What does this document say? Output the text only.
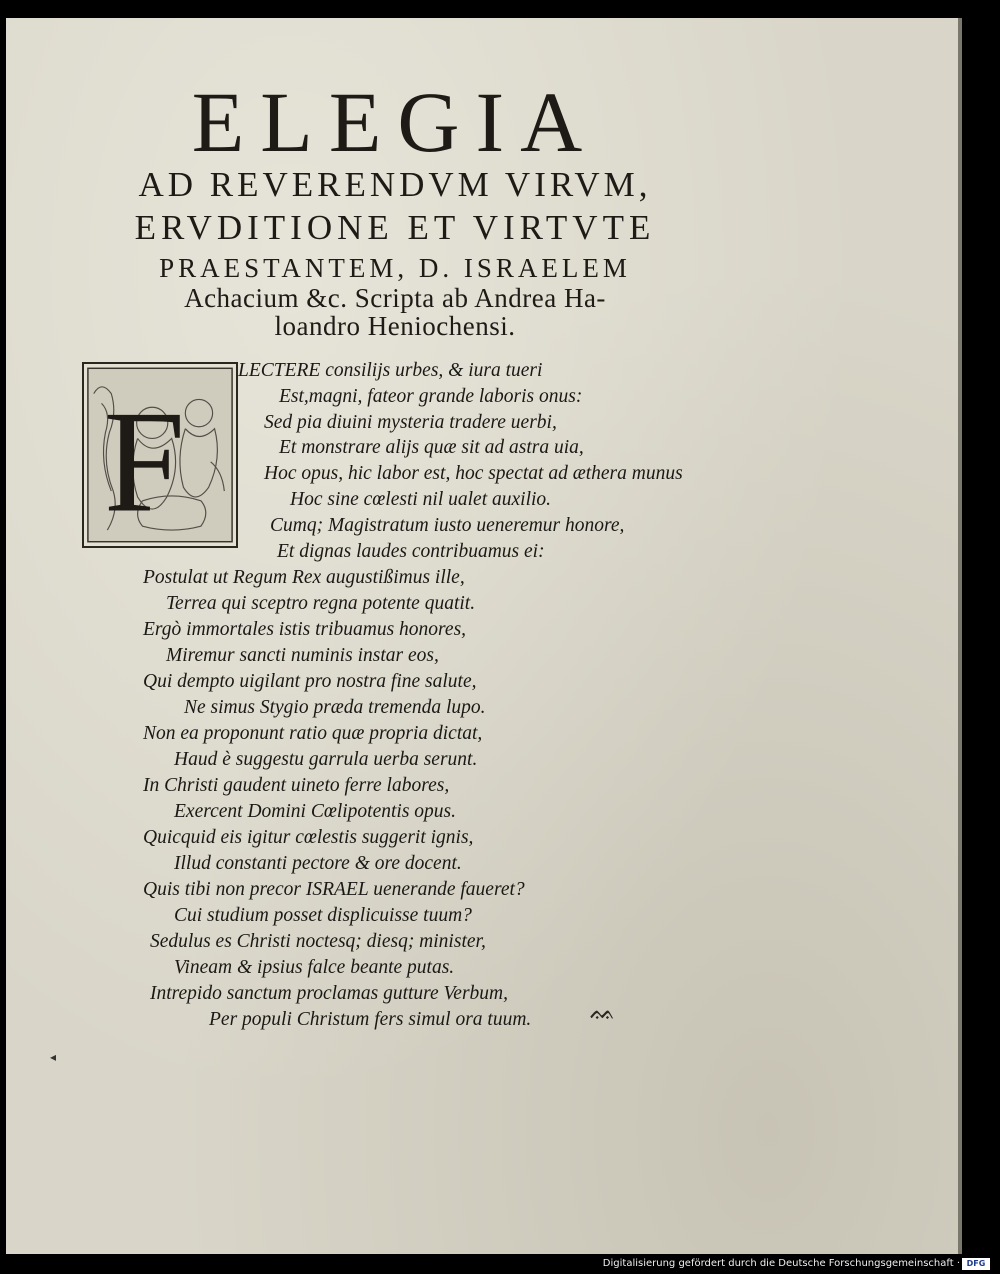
ELEGIA
AD REVERENDVM VIRVM,
ERVDITIONE ET VIRTVTE
PRAESTANTEM, D. ISRAELEM
Achacium &c. Scripta ab Andrea Ha-
loandro Heniochensi.
F
LECTERE consilijs urbes, & iura tueri
Est,magni, fateor grande laboris onus:
Sed pia diuini mysteria tradere uerbi,
Et monstrare alijs quæ sit ad astra uia,
Hoc opus, hic labor est, hoc spectat ad æthera munus
Hoc sine cœlesti nil ualet auxilio.
Cumq; Magistratum iusto ueneremur honore,
Et dignas laudes contribuamus ei:
Postulat ut Regum Rex augustißimus ille,
Terrea qui sceptro regna potente quatit.
Ergò immortales istis tribuamus honores,
Miremur sancti numinis instar eos,
Qui dempto uigilant pro nostra fine salute,
Ne simus Stygio præda tremenda lupo.
Non ea proponunt ratio quæ propria dictat,
Haud è suggestu garrula uerba serunt.
In Christi gaudent uineto ferre labores,
Exercent Domini Cœlipotentis opus.
Quicquid eis igitur cœlestis suggerit ignis,
Illud constanti pectore & ore docent.
Quis tibi non precor ISRAEL uenerande faueret?
Cui studium posset displicuisse tuum?
Sedulus es Christi noctesq; diesq; minister,
Vineam & ipsius falce beante putas.
Intrepido sanctum proclamas gutture Verbum,
Per populi Christum fers simul ora tuum.	ᨐ
◂
Digitalisierung gefördert durch die Deutsche Forschungsgemeinschaft · DFG
